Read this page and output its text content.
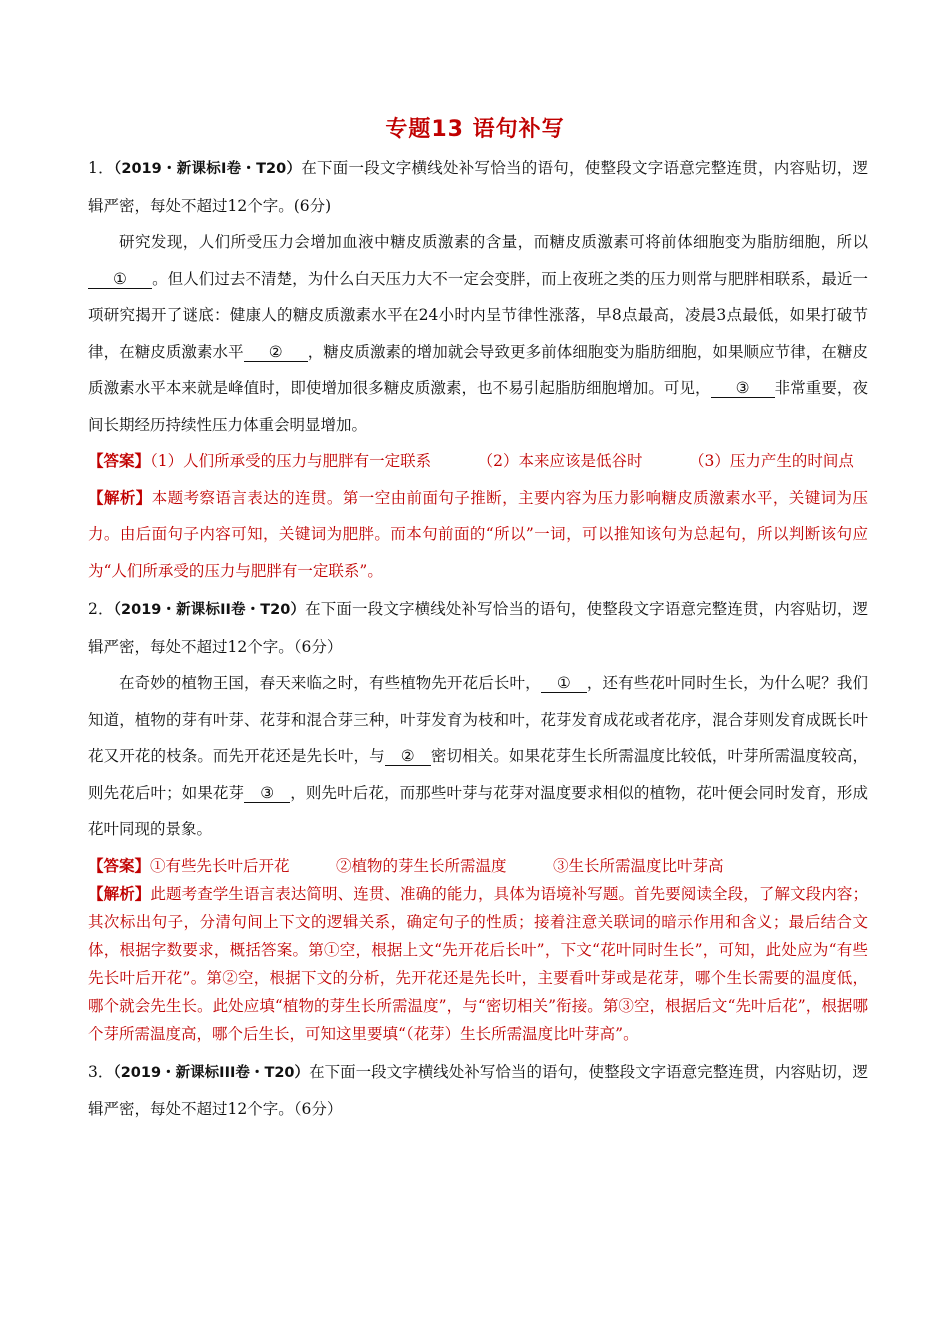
专题13 语句补写

1．（2019・新课标Ⅰ卷・T20）在下面一段文字横线处补写恰当的语句，使整段文字语意完整连贯，内容贴切，逻辑严密，每处不超过12个字。(6分)

研究发现，人们所受压力会增加血液中糖皮质激素的含量，而糖皮质激素可将前体细胞变为脂肪细胞，所以① 。但人们过去不清楚，为什么白天压力大不一定会变胖，而上夜班之类的压力则常与肥胖相联系，最近一项研究揭开了谜底：健康人的糖皮质激素水平在24小时内呈节律性涨落，早8点最高，凌晨3点最低，如果打破节律，在糖皮质激素水平 ② ，糖皮质激素的增加就会导致更多前体细胞变为脂肪细胞，如果顺应节律，在糖皮质激素水平本来就是峰值时，即使增加很多糖皮质激素，也不易引起脂肪细胞增加。可见， ③ 非常重要，夜间长期经历持续性压力体重会明显增加。

【答案】（1）人们所承受的压力与肥胖有一定联系	（2）本来应该是低谷时	（3）压力产生的时间点

【解析】本题考察语言表达的连贯。第一空由前面句子推断，主要内容为压力影响糖皮质激素水平，关键词为压力。由后面句子内容可知，关键词为肥胖。而本句前面的“所以”一词，可以推知该句为总起句，所以判断该句应为“人们所承受的压力与肥胖有一定联系”。

2．（2019・新课标II卷・T20）在下面一段文字横线处补写恰当的语句，使整段文字语意完整连贯，内容贴切，逻辑严密，每处不超过12个字。（6分）

在奇妙的植物王国，春天来临之时，有些植物先开花后长叶， ① ，还有些花叶同时生长，为什么呢？我们知道，植物的芽有叶芽、花芽和混合芽三种，叶芽发育为枝和叶，花芽发育成花或者花序，混合芽则发育成既长叶花又开花的枝条。而先开花还是先长叶，与 ② 密切相关。如果花芽生长所需温度比较低，叶芽所需温度较高，则先花后叶；如果花芽 ③ ，则先叶后花，而那些叶芽与花芽对温度要求相似的植物，花叶便会同时发育，形成花叶同现的景象。

【答案】①有些先长叶后开花	②植物的芽生长所需温度	③生长所需温度比叶芽高

【解析】此题考查学生语言表达简明、连贯、准确的能力，具体为语境补写题。首先要阅读全段，了解文段内容；其次标出句子，分清句间上下文的逻辑关系，确定句子的性质；接着注意关联词的暗示作用和含义；最后结合文体，根据字数要求，概括答案。第①空，根据上文“先开花后长叶”，下文“花叶同时生长”，可知，此处应为“有些先长叶后开花”。第②空，根据下文的分析，先开花还是先长叶，主要看叶芽或是花芽，哪个生长需要的温度低，哪个就会先生长。此处应填“植物的芽生长所需温度”，与“密切相关”衔接。第③空，根据后文“先叶后花”，根据哪个芽所需温度高，哪个后生长，可知这里要填“（花芽）生长所需温度比叶芽高”。

3．（2019・新课标III卷・T20）在下面一段文字横线处补写恰当的语句，使整段文字语意完整连贯，内容贴切，逻辑严密，每处不超过12个字。（6分）
